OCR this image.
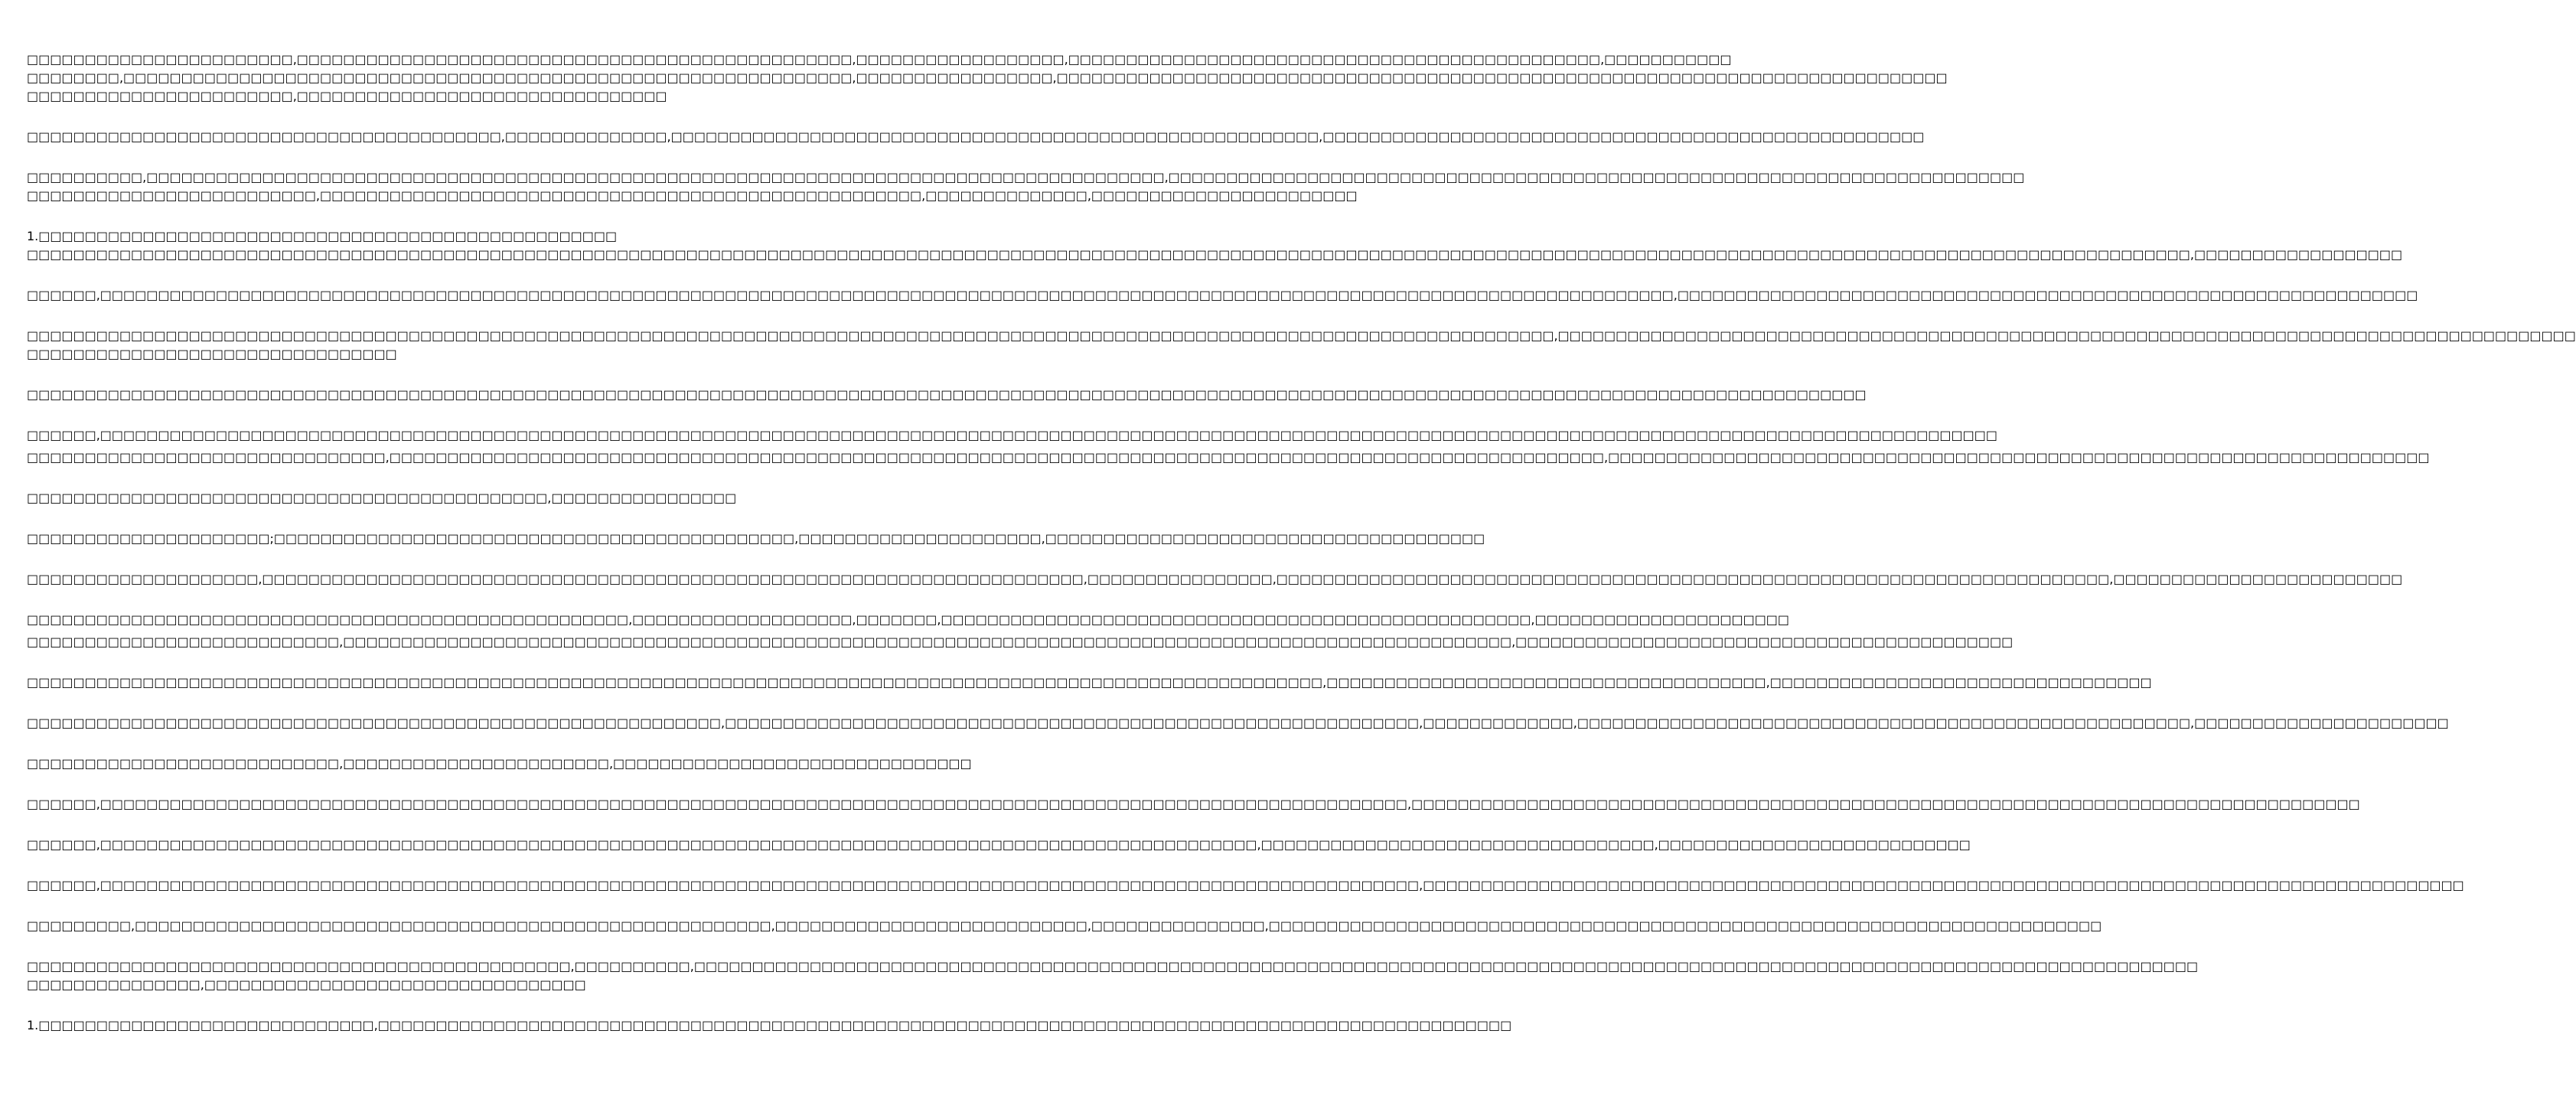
□□□□□□□□□□□□□□□□□□□□□□□,□□□□□□□□□□□□□□□□□□□□□□□□□□□□□□□□□□□□□□□□□□□□□□□□,□□□□□□□□□□□□□□□□□□,□□□□□□□□□□□□□□□□□□□□□□□□□□□□□□□□□□□□□□□□□□□□□□,□□□□□□□□□□□
□□□□□□□□,□□□□□□□□□□□□□□□□□□□□□□□□□□□□□□□□□□□□□□□□□□□□□□□□□□□□□□□□□□□□□□□,□□□□□□□□□□□□□□□□□,□□□□□□□□□□□□□□□□□□□□□□□□□□□□□□□□□□□□□□□□□□□□□□□□□□□□□□□□□□□□□□□□□□□□□□□□□□□□□
□□□□□□□□□□□□□□□□□□□□□□□,□□□□□□□□□□□□□□□□□□□□□□□□□□□□□□□□

□□□□□□□□□□□□□□□□□□□□□□□□□□□□□□□□□□□□□□□□□,□□□□□□□□□□□□□□,□□□□□□□□□□□□□□□□□□□□□□□□□□□□□□□□□□□□□□□□□□□□□□□□□□□□□□□□,□□□□□□□□□□□□□□□□□□□□□□□□□□□□□□□□□□□□□□□□□□□□□□□□□□□□

□□□□□□□□□□,□□□□□□□□□□□□□□□□□□□□□□□□□□□□□□□□□□□□□□□□□□□□□□□□□□□□□□□□□□□□□□□□□□□□□□□□□□□□□□□□□□□□□□□□,□□□□□□□□□□□□□□□□□□□□□□□□□□□□□□□□□□□□□□□□□□□□□□□□□□□□□□□□□□□□□□□□□□□□□□□□□□
□□□□□□□□□□□□□□□□□□□□□□□□□,□□□□□□□□□□□□□□□□□□□□□□□□□□□□□□□□□□□□□□□□□□□□□□□□□□□□,□□□□□□□□□□□□□□,□□□□□□□□□□□□□□□□□□□□□□□

1.□□□□□□□□□□□□□□□□□□□□□□□□□□□□□□□□□□□□□□□□□□□□□□□□□□
□□□□□□□□□□□□□□□□□□□□□□□□□□□□□□□□□□□□□□□□□□□□□□□□□□□□□□□□□□□□□□□□□□□□□□□□□□□□□□□□□□□□□□□□□□□□□□□□□□□□□□□□□□□□□□□□□□□□□□□□□□□□□□□□□□□□□□□□□□□□□□□□□□□□□□□□□□□□□□□□□□□□□□□□□□□□□□□□□□□□□□□□□□□,□□□□□□□□□□□□□□□□□□

□□□□□□,□□□□□□□□□□□□□□□□□□□□□□□□□□□□□□□□□□□□□□□□□□□□□□□□□□□□□□□□□□□□□□□□□□□□□□□□□□□□□□□□□□□□□□□□□□□□□□□□□□□□□□□□□□□□□□□□□□□□□□□□□□□□□□□□□□□□□□□□,□□□□□□□□□□□□□□□□□□□□□□□□□□□□□□□□□□□□□□□□□□□□□□□□□□□□□□□□□□□□□□□□

□□□□□□□□□□□□□□□□□□□□□□□□□□□□□□□□□□□□□□□□□□□□□□□□□□□□□□□□□□□□□□□□□□□□□□□□□□□□□□□□□□□□□□□□□□□□□□□□□□□□□□□□□□□□□□□□□□□□□□□□□□□□□□□□□□□□,□□□□□□□□□□□□□□□□□□□□□□□□□□□□□□□□□□□□□□□□□□□□□□□□□□□□□□□□□□□□□□□□□□□□□□□□□□□□□□□□□□□□□□□□
□□□□□□□□□□□□□□□□□□□□□□□□□□□□□□□□

□□□□□□□□□□□□□□□□□□□□□□□□□□□□□□□□□□□□□□□□□□□□□□□□□□□□□□□□□□□□□□□□□□□□□□□□□□□□□□□□□□□□□□□□□□□□□□□□□□□□□□□□□□□□□□□□□□□□□□□□□□□□□□□□□□□□□□□□□□□□□□□□□□□□□□□□□□□□□□□

□□□□□□,□□□□□□□□□□□□□□□□□□□□□□□□□□□□□□□□□□□□□□□□□□□□□□□□□□□□□□□□□□□□□□□□□□□□□□□□□□□□□□□□□□□□□□□□□□□□□□□□□□□□□□□□□□□□□□□□□□□□□□□□□□□□□□□□□□□□□□□□□□□□□□□□□□□□□□□□□□□□□□□□□□□□

□□□□□□□□□□□□□□□□□□□□□□□□□□□□□□□,□□□□□□□□□□□□□□□□□□□□□□□□□□□□□□□□□□□□□□□□□□□□□□□□□□□□□□□□□□□□□□□□□□□□□□□□□□□□□□□□□□□□□□□□□□□□□□□□□□□□□□□□□,□□□□□□□□□□□□□□□□□□□□□□□□□□□□□□□□□□□□□□□□□□□□□□□□□□□□□□□□□□□□□□□□□□□□□□□

□□□□□□□□□□□□□□□□□□□□□□□□□□□□□□□□□□□□□□□□□□□□□,□□□□□□□□□□□□□□□□

□□□□□□□□□□□□□□□□□□□□□;□□□□□□□□□□□□□□□□□□□□□□□□□□□□□□□□□□□□□□□□□□□□□,□□□□□□□□□□□□□□□□□□□□□,□□□□□□□□□□□□□□□□□□□□□□□□□□□□□□□□□□□□□□

□□□□□□□□□□□□□□□□□□□□,□□□□□□□□□□□□□□□□□□□□□□□□□□□□□□□□□□□□□□□□□□□□□□□□□□□□□□□□□□□□□□□□□□□□□□□,□□□□□□□□□□□□□□□□,□□□□□□□□□□□□□□□□□□□□□□□□□□□□□□□□□□□□□□□□□□□□□□□□□□□□□□□□□□□□□□□□□□□□□□□□,□□□□□□□□□□□□□□□□□□□□□□□□□

□□□□□□□□□□□□□□□□□□□□□□□□□□□□□□□□□□□□□□□□□□□□□□□□□□□□,□□□□□□□□□□□□□□□□□□□,□□□□□□□,□□□□□□□□□□□□□□□□□□□□□□□□□□□□□□□□□□□□□□□□□□□□□□□□□□□,□□□□□□□□□□□□□□□□□□□□□□

□□□□□□□□□□□□□□□□□□□□□□□□□□□,□□□□□□□□□□□□□□□□□□□□□□□□□□□□□□□□□□□□□□□□□□□□□□□□□□□□□□□□□□□□□□□□□□□□□□□□□□□□□□□□□□□□□□□□□□□□□□□□□□□□□,□□□□□□□□□□□□□□□□□□□□□□□□□□□□□□□□□□□□□□□□□□□

□□□□□□□□□□□□□□□□□□□□□□□□□□□□□□□□□□□□□□□□□□□□□□□□□□□□□□□□□□□□□□□□□□□□□□□□□□□□□□□□□□□□□□□□□□□□□□□□□□□□□□□□□□□□□□□□,□□□□□□□□□□□□□□□□□□□□□□□□□□□□□□□□□□□□□□,□□□□□□□□□□□□□□□□□□□□□□□□□□□□□□□□□

□□□□□□□□□□□□□□□□□□□□□□□□□□□□□□□□□□□□□□□□□□□□□□□□□□□□□□□□□□□□,□□□□□□□□□□□□□□□□□□□□□□□□□□□□□□□□□□□□□□□□□□□□□□□□□□□□□□□□□□□□,□□□□□□□□□□□□□,□□□□□□□□□□□□□□□□□□□□□□□□□□□□□□□□□□□□□□□□□□□□□□□□□□□□□,□□□□□□□□□□□□□□□□□□□□□□

□□□□□□□□□□□□□□□□□□□□□□□□□□□,□□□□□□□□□□□□□□□□□□□□□□□,□□□□□□□□□□□□□□□□□□□□□□□□□□□□□□□

□□□□□□,□□□□□□□□□□□□□□□□□□□□□□□□□□□□□□□□□□□□□□□□□□□□□□□□□□□□□□□□□□□□□□□□□□□□□□□□□□□□□□□□□□□□□□□□□□□□□□□□□□□□□□□□□□□□□□□□□,□□□□□□□□□□□□□□□□□□□□□□□□□□□□□□□□□□□□□□□□□□□□□□□□□□□□□□□□□□□□□□□□□□□□□□□□□□□□□□□□□□

□□□□□□,□□□□□□□□□□□□□□□□□□□□□□□□□□□□□□□□□□□□□□□□□□□□□□□□□□□□□□□□□□□□□□□□□□□□□□□□□□□□□□□□□□□□□□□□□□□□□□□□□□□□,□□□□□□□□□□□□□□□□□□□□□□□□□□□□□□□□□□,□□□□□□□□□□□□□□□□□□□□□□□□□□□

□□□□□□,□□□□□□□□□□□□□□□□□□□□□□□□□□□□□□□□□□□□□□□□□□□□□□□□□□□□□□□□□□□□□□□□□□□□□□□□□□□□□□□□□□□□□□□□□□□□□□□□□□□□□□□□□□□□□□□□□□,□□□□□□□□□□□□□□□□□□□□□□□□□□□□□□□□□□□□□□□□□□□□□□□□□□□□□□□□□□□□□□□□□□□□□□□□□□□□□□□□□□□□□□□□□□

□□□□□□□□□,□□□□□□□□□□□□□□□□□□□□□□□□□□□□□□□□□□□□□□□□□□□□□□□□□□□□□□□,□□□□□□□□□□□□□□□□□□□□□□□□□□□,□□□□□□□□□□□□□□□,□□□□□□□□□□□□□□□□□□□□□□□□□□□□□□□□□□□□□□□□□□□□□□□□□□□□□□□□□□□□□□□□□□□□□□□□

□□□□□□□□□□□□□□□□□□□□□□□□□□□□□□□□□□□□□□□□□□□□□□□,□□□□□□□□□□,□□□□□□□□□□□□□□□□□□□□□□□□□□□□□□□□□□□□□□□□□□□□□□□□□□□□□□□□□□□□□□□□□□□□□□□□□□□□□□□□□□□□□□□□□□□□□□□□□□□□□□□□□□□□□□□□□□□□□□□□□□□□□□□□□□
□□□□□□□□□□□□□□□,□□□□□□□□□□□□□□□□□□□□□□□□□□□□□□□□□

1.□□□□□□□□□□□□□□□□□□□□□□□□□□□□□,□□□□□□□□□□□□□□□□□□□□□□□□□□□□□□□□□□□□□□□□□□□□□□□□□□□□□□□□□□□□□□□□□□□□□□□□□□□□□□□□□□□□□□□□□□□□□□□□□□
